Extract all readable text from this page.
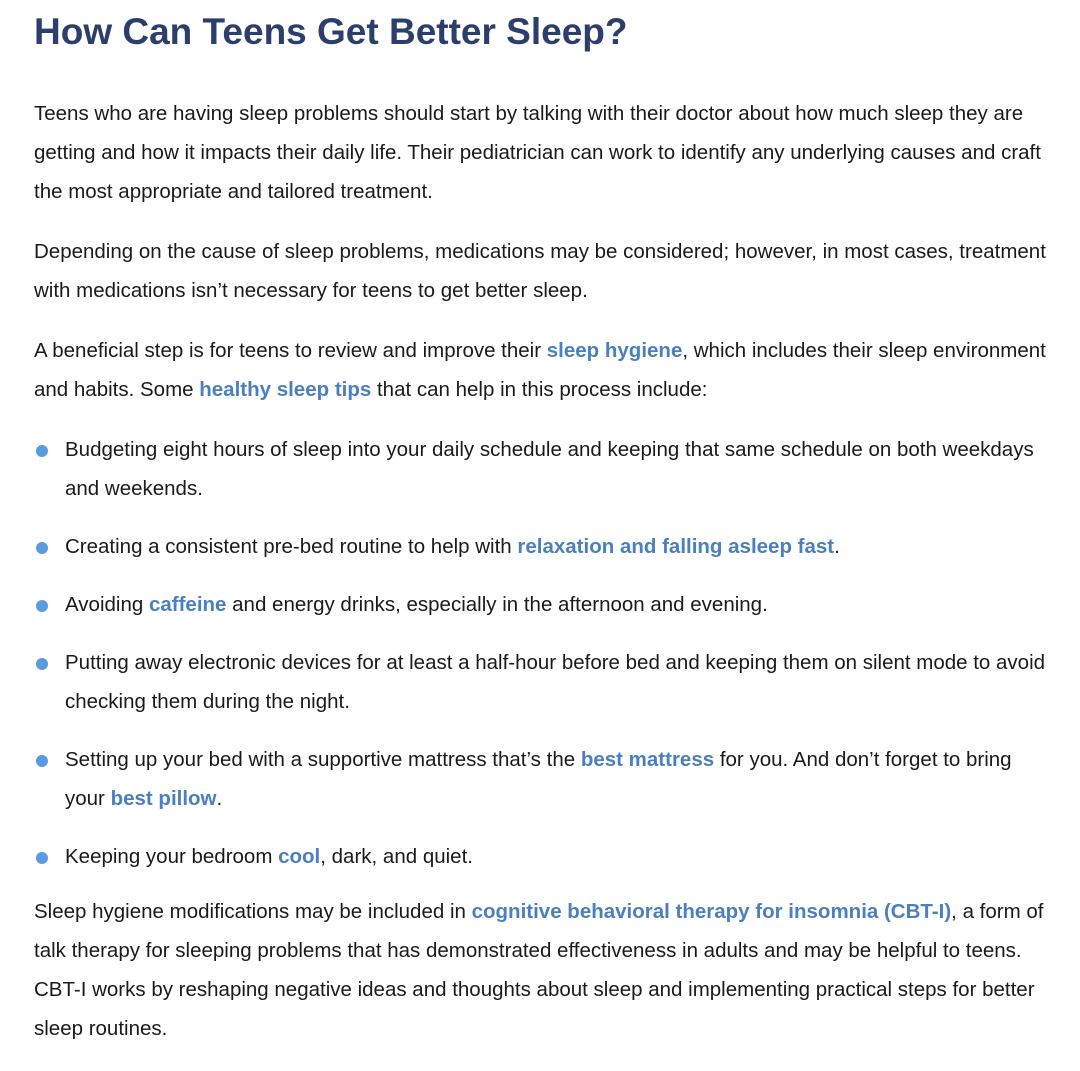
How Can Teens Get Better Sleep?

Teens who are having sleep problems should start by talking with their doctor about how much sleep they are getting and how it impacts their daily life. Their pediatrician can work to identify any underlying causes and craft the most appropriate and tailored treatment.

Depending on the cause of sleep problems, medications may be considered; however, in most cases, treatment with medications isn’t necessary for teens to get better sleep.

A beneficial step is for teens to review and improve their sleep hygiene, which includes their sleep environment and habits. Some healthy sleep tips that can help in this process include:

Budgeting eight hours of sleep into your daily schedule and keeping that same schedule on both weekdays and weekends.
Creating a consistent pre-bed routine to help with relaxation and falling asleep fast.
Avoiding caffeine and energy drinks, especially in the afternoon and evening.
Putting away electronic devices for at least a half-hour before bed and keeping them on silent mode to avoid checking them during the night.
Setting up your bed with a supportive mattress that’s the best mattress for you. And don’t forget to bring your best pillow.
Keeping your bedroom cool, dark, and quiet.

Sleep hygiene modifications may be included in cognitive behavioral therapy for insomnia (CBT-I), a form of talk therapy for sleeping problems that has demonstrated effectiveness in adults and may be helpful to teens. CBT-I works by reshaping negative ideas and thoughts about sleep and implementing practical steps for better sleep routines.
